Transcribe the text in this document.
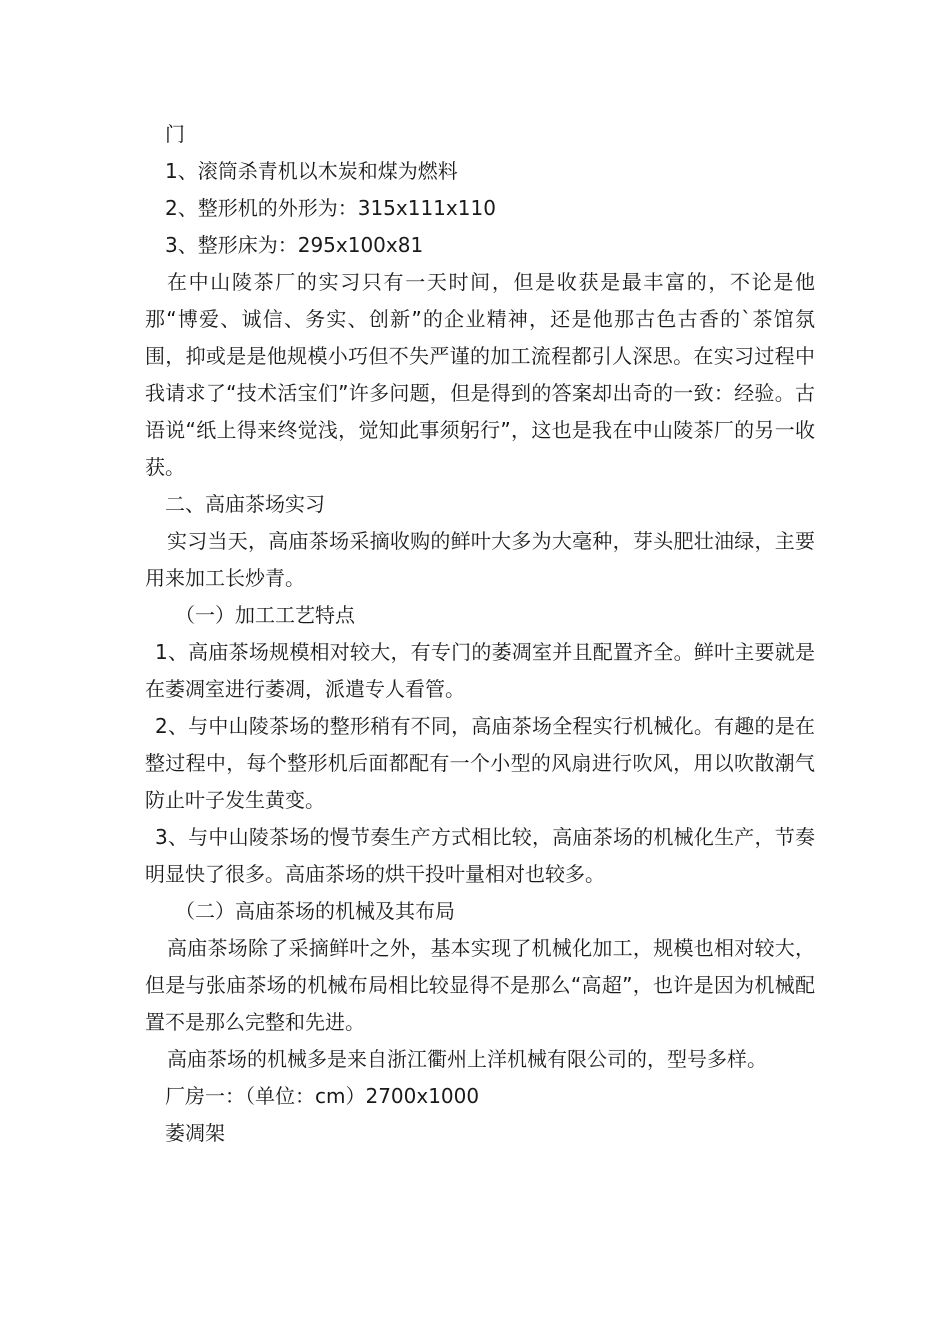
门

1、滚筒杀青机以木炭和煤为燃料

2、整形机的外形为：315x111x110

3、整形床为：295x100x81

在中山陵茶厂的实习只有一天时间，但是收获是最丰富的，不论是他那“博爱、诚信、务实、创新”的企业精神，还是他那古色古香的`茶馆氛围，抑或是是他规模小巧但不失严谨的加工流程都引人深思。在实习过程中我请求了“技术活宝们”许多问题，但是得到的答案却出奇的一致：经验。古语说“纸上得来终觉浅，觉知此事须躬行”，这也是我在中山陵茶厂的另一收获。

二、高庙茶场实习

实习当天，高庙茶场采摘收购的鲜叶大多为大毫种，芽头肥壮油绿，主要用来加工长炒青。

（一）加工工艺特点

1、高庙茶场规模相对较大，有专门的萎凋室并且配置齐全。鲜叶主要就是在萎凋室进行萎凋，派遣专人看管。

2、与中山陵茶场的整形稍有不同，高庙茶场全程实行机械化。有趣的是在整过程中，每个整形机后面都配有一个小型的风扇进行吹风，用以吹散潮气防止叶子发生黄变。

3、与中山陵茶场的慢节奏生产方式相比较，高庙茶场的机械化生产，节奏明显快了很多。高庙茶场的烘干投叶量相对也较多。

（二）高庙茶场的机械及其布局

高庙茶场除了采摘鲜叶之外，基本实现了机械化加工，规模也相对较大，但是与张庙茶场的机械布局相比较显得不是那么“高超”，也许是因为机械配置不是那么完整和先进。

高庙茶场的机械多是来自浙江衢州上洋机械有限公司的，型号多样。

厂房一：（单位：cm）2700x1000

萎凋架
